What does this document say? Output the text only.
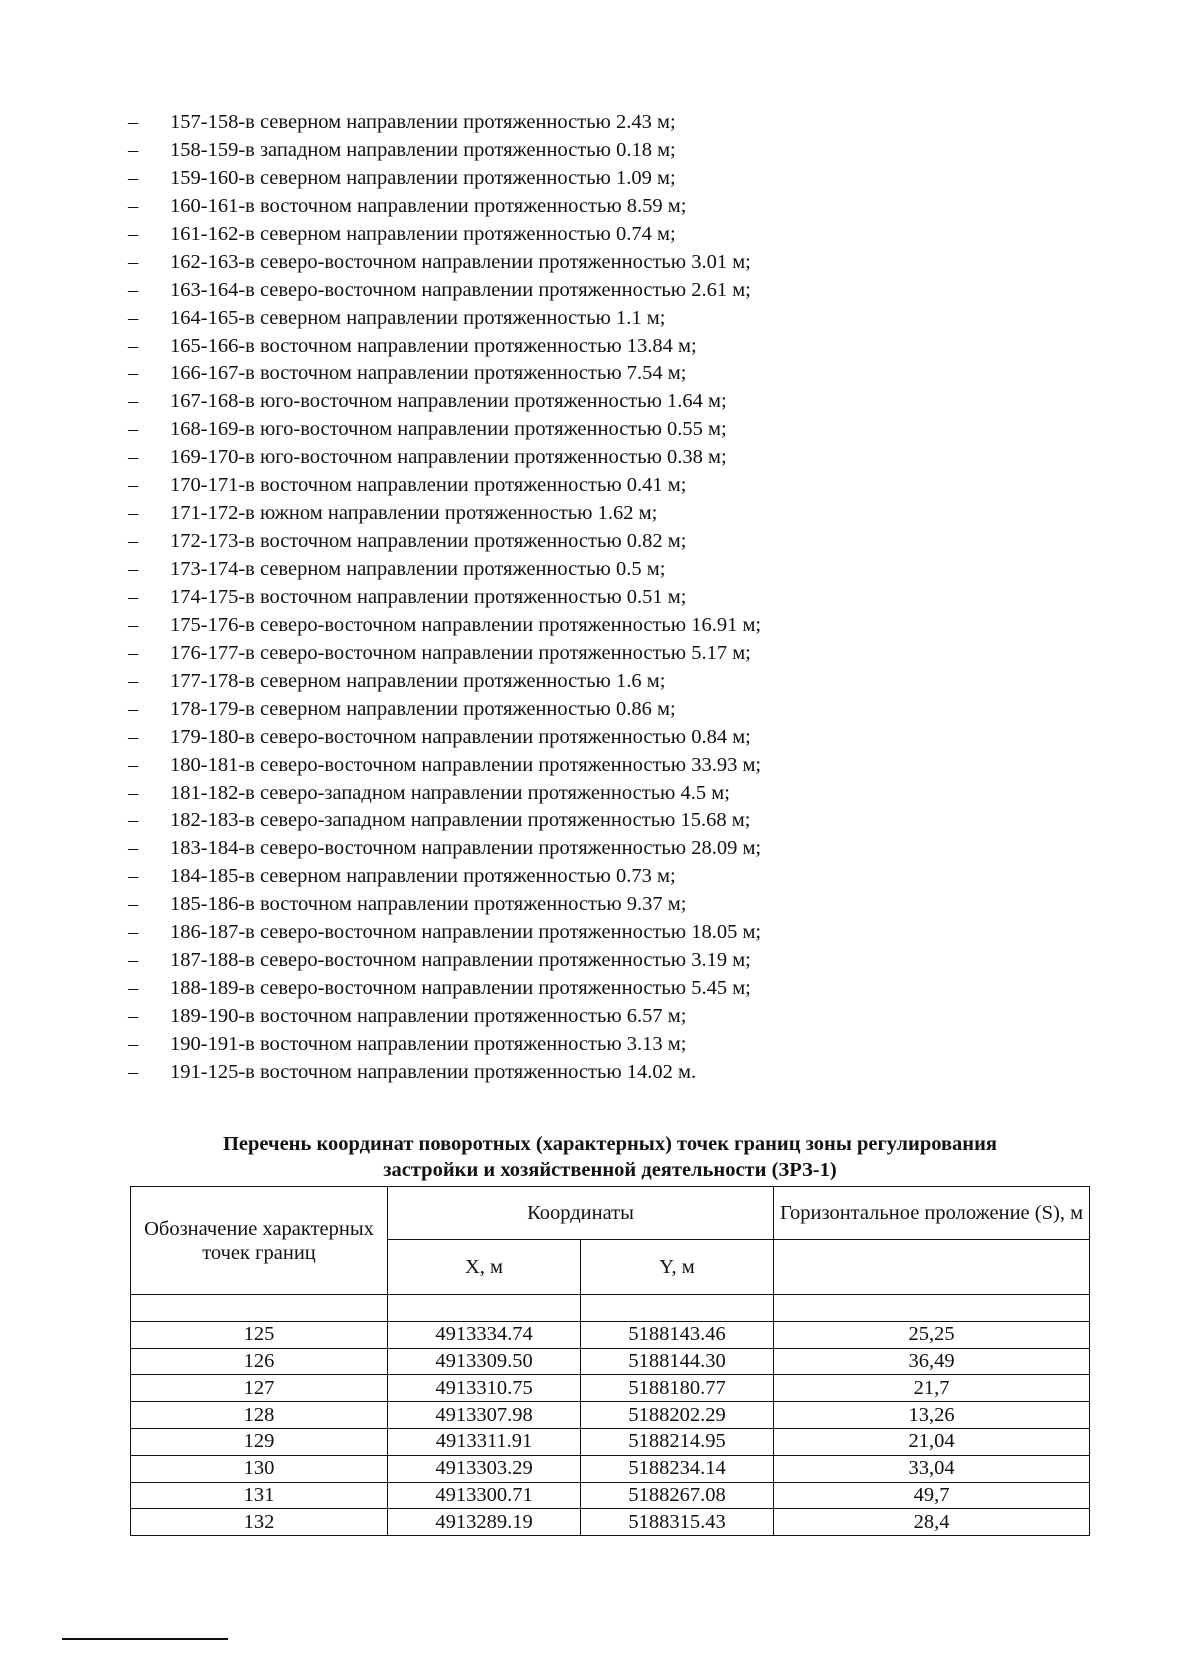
–	157-158-в северном направлении протяженностью 2.43 м;
–	158-159-в западном направлении протяженностью 0.18 м;
–	159-160-в северном направлении протяженностью 1.09 м;
–	160-161-в восточном направлении протяженностью 8.59 м;
–	161-162-в северном направлении протяженностью 0.74 м;
–	162-163-в северо-восточном направлении протяженностью 3.01 м;
–	163-164-в северо-восточном направлении протяженностью 2.61 м;
–	164-165-в северном направлении протяженностью 1.1 м;
–	165-166-в восточном направлении протяженностью 13.84 м;
–	166-167-в восточном направлении протяженностью 7.54 м;
–	167-168-в юго-восточном направлении протяженностью 1.64 м;
–	168-169-в юго-восточном направлении протяженностью 0.55 м;
–	169-170-в юго-восточном направлении протяженностью 0.38 м;
–	170-171-в восточном направлении протяженностью 0.41 м;
–	171-172-в южном направлении протяженностью 1.62 м;
–	172-173-в восточном направлении протяженностью 0.82 м;
–	173-174-в северном направлении протяженностью 0.5 м;
–	174-175-в восточном направлении протяженностью 0.51 м;
–	175-176-в северо-восточном направлении протяженностью 16.91 м;
–	176-177-в северо-восточном направлении протяженностью 5.17 м;
–	177-178-в северном направлении протяженностью 1.6 м;
–	178-179-в северном направлении протяженностью 0.86 м;
–	179-180-в северо-восточном направлении протяженностью 0.84 м;
–	180-181-в северо-восточном направлении протяженностью 33.93 м;
–	181-182-в северо-западном направлении протяженностью 4.5 м;
–	182-183-в северо-западном направлении протяженностью 15.68 м;
–	183-184-в северо-восточном направлении протяженностью 28.09 м;
–	184-185-в северном направлении протяженностью 0.73 м;
–	185-186-в восточном направлении протяженностью 9.37 м;
–	186-187-в северо-восточном направлении протяженностью 18.05 м;
–	187-188-в северо-восточном направлении протяженностью 3.19 м;
–	188-189-в северо-восточном направлении протяженностью 5.45 м;
–	189-190-в восточном направлении протяженностью 6.57 м;
–	190-191-в восточном направлении протяженностью 3.13 м;
–	191-125-в восточном направлении протяженностью 14.02 м.
Перечень координат поворотных (характерных) точек границ зоны регулирования
застройки и хозяйственной деятельности (ЗРЗ-1)
Обозначение характерных точек границ	Координаты		Горизонтальное проложение (S), м
	X, м	Y, м	

125	4913334.74	5188143.46	25,25
126	4913309.50	5188144.30	36,49
127	4913310.75	5188180.77	21,7
128	4913307.98	5188202.29	13,26
129	4913311.91	5188214.95	21,04
130	4913303.29	5188234.14	33,04
131	4913300.71	5188267.08	49,7
132	4913289.19	5188315.43	28,4
